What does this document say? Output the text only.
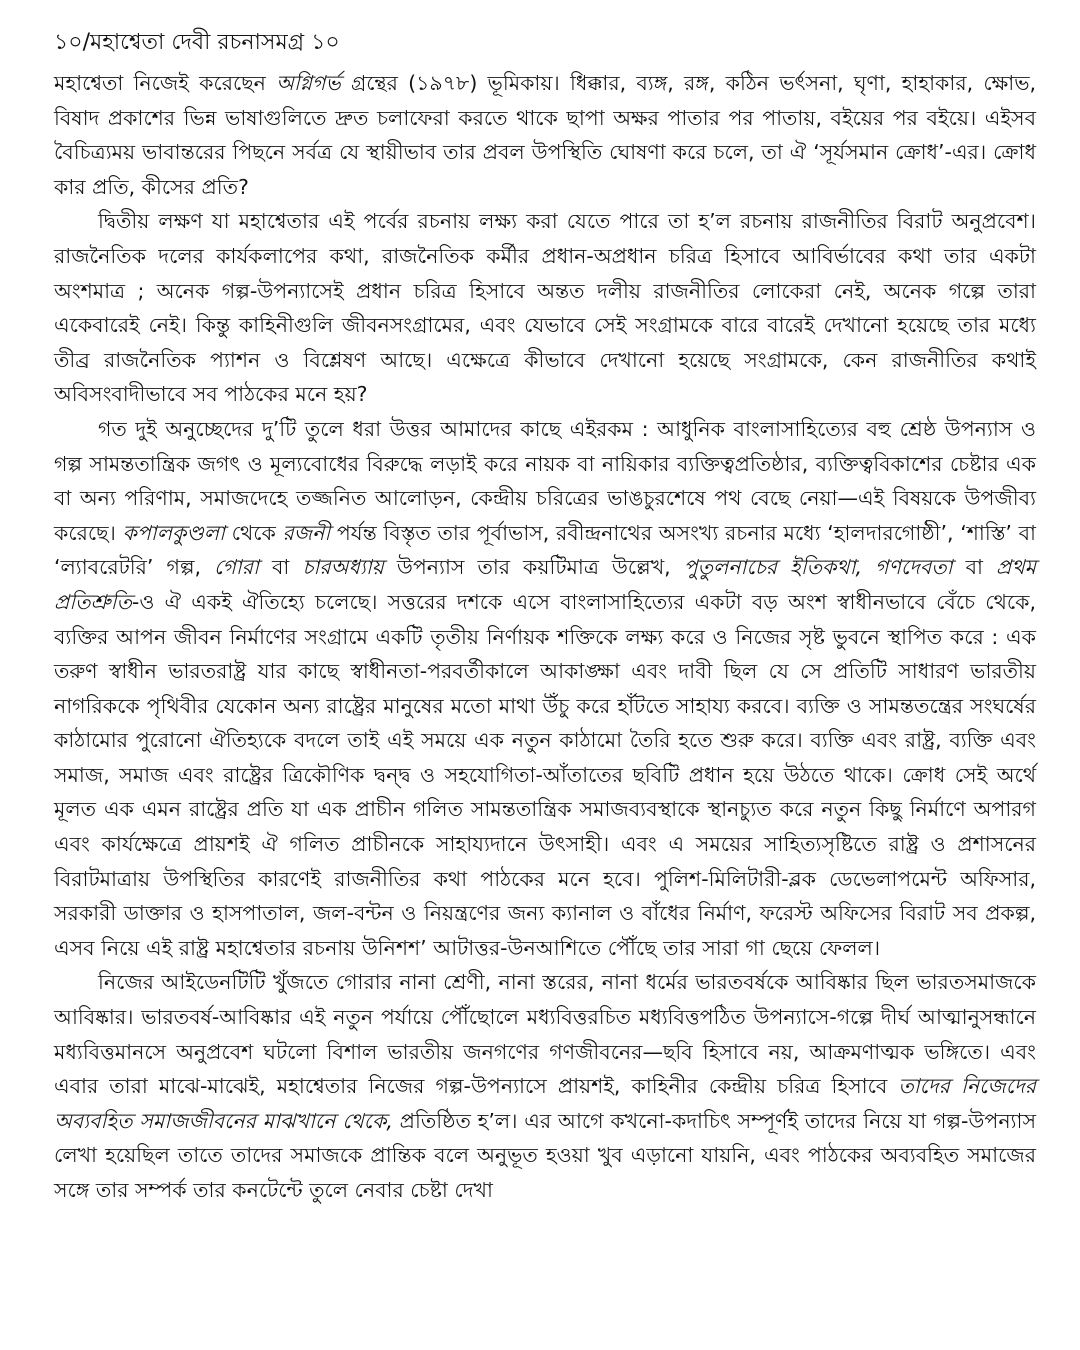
১০/মহাশ্বেতা দেবী রচনাসমগ্র ১০

মহাশ্বেতা নিজেই করেছেন অগ্নিগর্ভ গ্রন্থের (১৯৭৮) ভূমিকায়। ধিক্কার, ব্যঙ্গ, রঙ্গ, কঠিন ভর্ৎসনা, ঘৃণা, হাহাকার, ক্ষোভ, বিষাদ প্রকাশের ভিন্ন ভাষাগুলিতে দ্রুত চলাফেরা করতে থাকে ছাপা অক্ষর পাতার পর পাতায়, বইয়ের পর বইয়ে। এইসব বৈচিত্র্যময় ভাবান্তরের পিছনে সর্বত্র যে স্থায়ীভাব তার প্রবল উপস্থিতি ঘোষণা করে চলে, তা ঐ ‘সূর্যসমান ক্রোধ’-এর। ক্রোধ কার প্রতি, কীসের প্রতি?

দ্বিতীয় লক্ষণ যা মহাশ্বেতার এই পর্বের রচনায় লক্ষ্য করা যেতে পারে তা হ’ল রচনায় রাজনীতির বিরাট অনুপ্রবেশ। রাজনৈতিক দলের কার্যকলাপের কথা, রাজনৈতিক কর্মীর প্রধান-অপ্রধান চরিত্র হিসাবে আবির্ভাবের কথা তার একটা অংশমাত্র ; অনেক গল্প-উপন্যাসেই প্রধান চরিত্র হিসাবে অন্তত দলীয় রাজনীতির লোকেরা নেই, অনেক গল্পে তারা একেবারেই নেই। কিন্তু কাহিনীগুলি জীবনসংগ্রামের, এবং যেভাবে সেই সংগ্রামকে বারে বারেই দেখানো হয়েছে তার মধ্যে তীব্র রাজনৈতিক প্যাশন ও বিশ্লেষণ আছে। এক্ষেত্রে কীভাবে দেখানো হয়েছে সংগ্রামকে, কেন রাজনীতির কথাই অবিসংবাদীভাবে সব পাঠকের মনে হয়?

গত দুই অনুচ্ছেদের দু’টি তুলে ধরা উত্তর আমাদের কাছে এইরকম : আধুনিক বাংলাসাহিত্যের বহু শ্রেষ্ঠ উপন্যাস ও গল্প সামন্ততান্ত্রিক জগৎ ও মূল্যবোধের বিরুদ্ধে লড়াই করে নায়ক বা নায়িকার ব্যক্তিত্বপ্রতিষ্ঠার, ব্যক্তিত্ববিকাশের চেষ্টার এক বা অন্য পরিণাম, সমাজদেহে তজ্জনিত আলোড়ন, কেন্দ্রীয় চরিত্রের ভাঙচুরশেষে পথ বেছে নেয়া—এই বিষয়কে উপজীব্য করেছে। কপালকুণ্ডলা থেকে রজনী পর্যন্ত বিস্তৃত তার পূর্বাভাস, রবীন্দ্রনাথের অসংখ্য রচনার মধ্যে ‘হালদারগোষ্ঠী’, ‘শাস্তি’ বা ‘ল্যাবরেটরি’ গল্প, গোরা বা চারঅধ্যায় উপন্যাস তার কয়টিমাত্র উল্লেখ, পুতুলনাচের ইতিকথা, গণদেবতা বা প্রথম প্রতিশ্রুতি-ও ঐ একই ঐতিহ্যে চলেছে। সত্তরের দশকে এসে বাংলাসাহিত্যের একটা বড় অংশ স্বাধীনভাবে বেঁচে থেকে, ব্যক্তির আপন জীবন নির্মাণের সংগ্রামে একটি তৃতীয় নির্ণায়ক শক্তিকে লক্ষ্য করে ও নিজের সৃষ্ট ভুবনে স্থাপিত করে : এক তরুণ স্বাধীন ভারতরাষ্ট্র যার কাছে স্বাধীনতা-পরবর্তীকালে আকাঙ্ক্ষা এবং দাবী ছিল যে সে প্রতিটি সাধারণ ভারতীয় নাগরিককে পৃথিবীর যেকোন অন্য রাষ্ট্রের মানুষের মতো মাথা উঁচু করে হাঁটতে সাহায্য করবে। ব্যক্তি ও সামন্ততন্ত্রের সংঘর্ষের কাঠামোর পুরোনো ঐতিহ্যকে বদলে তাই এই সময়ে এক নতুন কাঠামো তৈরি হতে শুরু করে। ব্যক্তি এবং রাষ্ট্র, ব্যক্তি এবং সমাজ, সমাজ এবং রাষ্ট্রের ত্রিকৌণিক দ্বন্দ্ব ও সহযোগিতা-আঁতাতের ছবিটি প্রধান হয়ে উঠতে থাকে। ক্রোধ সেই অর্থে মূলত এক এমন রাষ্ট্রের প্রতি যা এক প্রাচীন গলিত সামন্ততান্ত্রিক সমাজব্যবস্থাকে স্থানচ্যুত করে নতুন কিছু নির্মাণে অপারগ এবং কার্যক্ষেত্রে প্রায়শই ঐ গলিত প্রাচীনকে সাহায্যদানে উৎসাহী। এবং এ সময়ের সাহিত্যসৃষ্টিতে রাষ্ট্র ও প্রশাসনের বিরাটমাত্রায় উপস্থিতির কারণেই রাজনীতির কথা পাঠকের মনে হবে। পুলিশ-মিলিটারী-ব্লক ডেভেলাপমেন্ট অফিসার, সরকারী ডাক্তার ও হাসপাতাল, জল-বন্টন ও নিয়ন্ত্রণের জন্য ক্যানাল ও বাঁধের নির্মাণ, ফরেস্ট অফিসের বিরাট সব প্রকল্প, এসব নিয়ে এই রাষ্ট্র মহাশ্বেতার রচনায় উনিশশ’ আটাত্তর-উনআশিতে পৌঁছে তার সারা গা ছেয়ে ফেলল।

নিজের আইডেনটিটি খুঁজতে গোরার নানা শ্রেণী, নানা স্তরের, নানা ধর্মের ভারতবর্ষকে আবিষ্কার ছিল ভারতসমাজকে আবিষ্কার। ভারতবর্ষ-আবিষ্কার এই নতুন পর্যায়ে পৌঁছোলে মধ্যবিত্তরচিত মধ্যবিত্তপঠিত উপন্যাসে-গল্পে দীর্ঘ আত্মানুসন্ধানে মধ্যবিত্তমানসে অনুপ্রবেশ ঘটলো বিশাল ভারতীয় জনগণের গণজীবনের—ছবি হিসাবে নয়, আক্রমণাত্মক ভঙ্গিতে। এবং এবার তারা মাঝে-মাঝেই, মহাশ্বেতার নিজের গল্প-উপন্যাসে প্রায়শই, কাহিনীর কেন্দ্রীয় চরিত্র হিসাবে তাদের নিজেদের অব্যবহিত সমাজজীবনের মাঝখানে থেকে, প্রতিষ্ঠিত হ’ল। এর আগে কখনো-কদাচিৎ সম্পূর্ণই তাদের নিয়ে যা গল্প-উপন্যাস লেখা হয়েছিল তাতে তাদের সমাজকে প্রান্তিক বলে অনুভূত হওয়া খুব এড়ানো যায়নি, এবং পাঠকের অব্যবহিত সমাজের সঙ্গে তার সম্পর্ক তার কনটেন্টে তুলে নেবার চেষ্টা দেখা
